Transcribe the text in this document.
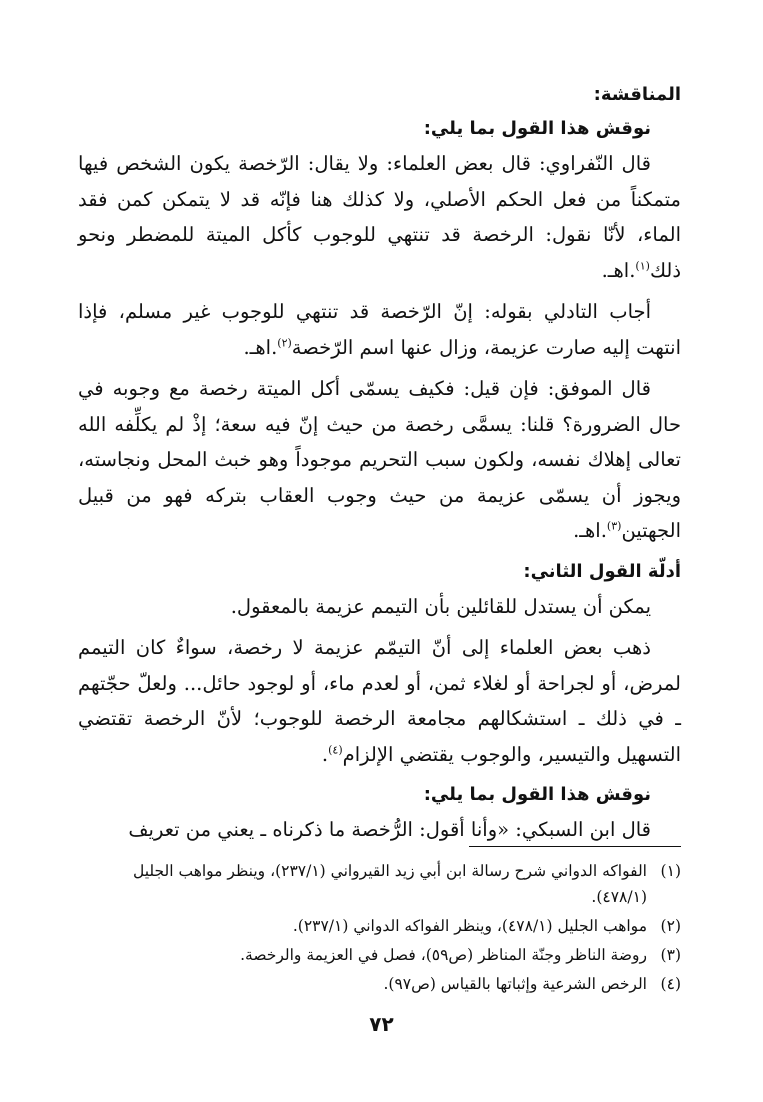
المناقشة:
نوقش هذا القول بما يلي:

قال النّفراوي: قال بعض العلماء: ولا يقال: الرّخصة يكون الشخص فيها متمكناً من فعل الحكم الأصلي، ولا كذلك هنا فإنّه قد لا يتمكن كمن فقد الماء، لأنّا نقول: الرخصة قد تنتهي للوجوب كأكل الميتة للمضطر ونحو ذلك$^{(١)}$.اهـ.

أجاب التادلي بقوله: إنّ الرّخصة قد تنتهي للوجوب غير مسلم، فإذا انتهت إليه صارت عزيمة، وزال عنها اسم الرّخصة$^{(٢)}$.اهـ.

قال الموفق: فإن قيل: فكيف يسمّى أكل الميتة رخصة مع وجوبه في حال الضرورة؟ قلنا: يسمَّى رخصة من حيث إنّ فيه سعة؛ إذْ لم يكلِّفه الله تعالى إهلاك نفسه، ولكون سبب التحريم موجوداً وهو خبث المحل ونجاسته، ويجوز أن يسمّى عزيمة من حيث وجوب العقاب بتركه فهو من قبيل الجهتين$^{(٣)}$.اهـ.

أدلّة القول الثاني:

يمكن أن يستدل للقائلين بأن التيمم عزيمة بالمعقول.

ذهب بعض العلماء إلى أنّ التيمّم عزيمة لا رخصة، سواءٌ كان التيمم لمرض، أو لجراحة أو لغلاء ثمن، أو لعدم ماء، أو لوجود حائل... ولعلّ حجّتهم ـ في ذلك ـ استشكالهم مجامعة الرخصة للوجوب؛ لأنّ الرخصة تقتضي التسهيل والتيسير، والوجوب يقتضي الإلزام$^{(٤)}$.

نوقش هذا القول بما يلي:

قال ابن السبكي: «وأنا أقول: الرُّخصة ما ذكرناه ـ يعني من تعريف

(١)
الفواكه الدواني شرح رسالة ابن أبي زيد القيرواني (٢٣٧/١)، وينظر مواهب الجليل (٤٧٨/١).
(٢)
مواهب الجليل (٤٧٨/١)، وينظر الفواكه الدواني (٢٣٧/١).
(٣)
روضة الناظر وجنّة المناظر (ص٥٩)، فصل في العزيمة والرخصة.
(٤)
الرخص الشرعية وإثباتها بالقياس (ص٩٧).
٧٢
